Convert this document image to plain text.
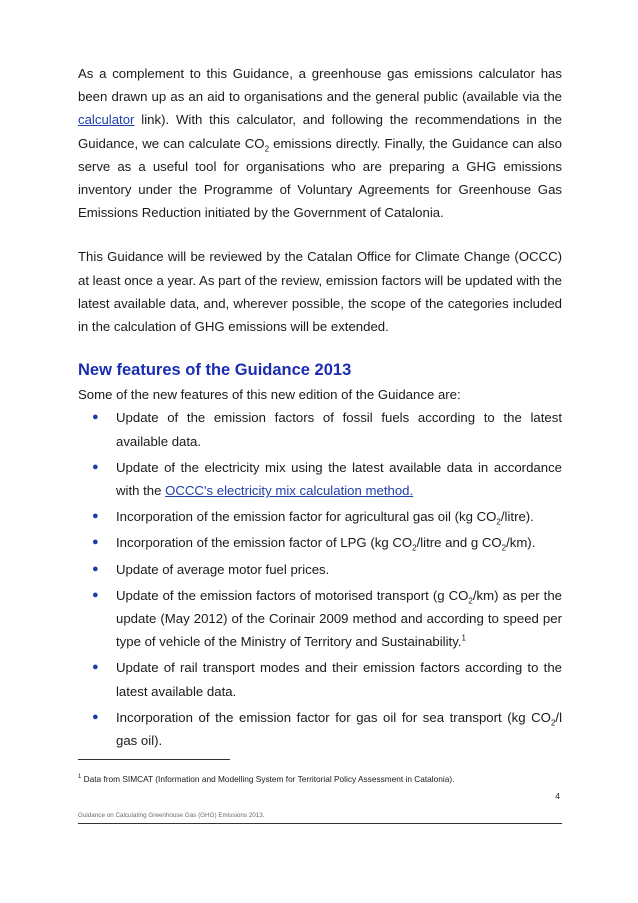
As a complement to this Guidance, a greenhouse gas emissions calculator has been drawn up as an aid to organisations and the general public (available via the calculator link). With this calculator, and following the recommendations in the Guidance, we can calculate $CO_2$ emissions directly. Finally, the Guidance can also serve as a useful tool for organisations who are preparing a GHG emissions inventory under the Programme of Voluntary Agreements for Greenhouse Gas Emissions Reduction initiated by the Government of Catalonia.

This Guidance will be reviewed by the Catalan Office for Climate Change (OCCC) at least once a year. As part of the review, emission factors will be updated with the latest available data, and, wherever possible, the scope of the categories included in the calculation of GHG emissions will be extended.

New features of the Guidance 2013

Some of the new features of this new edition of the Guidance are:

● Update of the emission factors of fossil fuels according to the latest available data.
● Update of the electricity mix using the latest available data in accordance with the OCCC's electricity mix calculation method.
● Incorporation of the emission factor for agricultural gas oil (kg $CO_2/litre$).
● Incorporation of the emission factor of LPG (kg $CO_2$/litre and g $CO_2/km$).
● Update of average motor fuel prices.
● Update of the emission factors of motorised transport (g $CO_2/km$) as per the update (May 2012) of the Corinair 2009 method and according to speed per type of vehicle of the Ministry of Territory and Sustainability.$^1$
● Update of rail transport modes and their emission factors according to the latest available data.
● Incorporation of the emission factor for gas oil for sea transport (kg $CO_2/l$ gas oil).
$^1$ Data from SIMCAT (Information and Modelling System for Territorial Policy Assessment in Catalonia).
4
Guidance on Calculating Greenhouse Gas (GHG) Emissions 2013.
